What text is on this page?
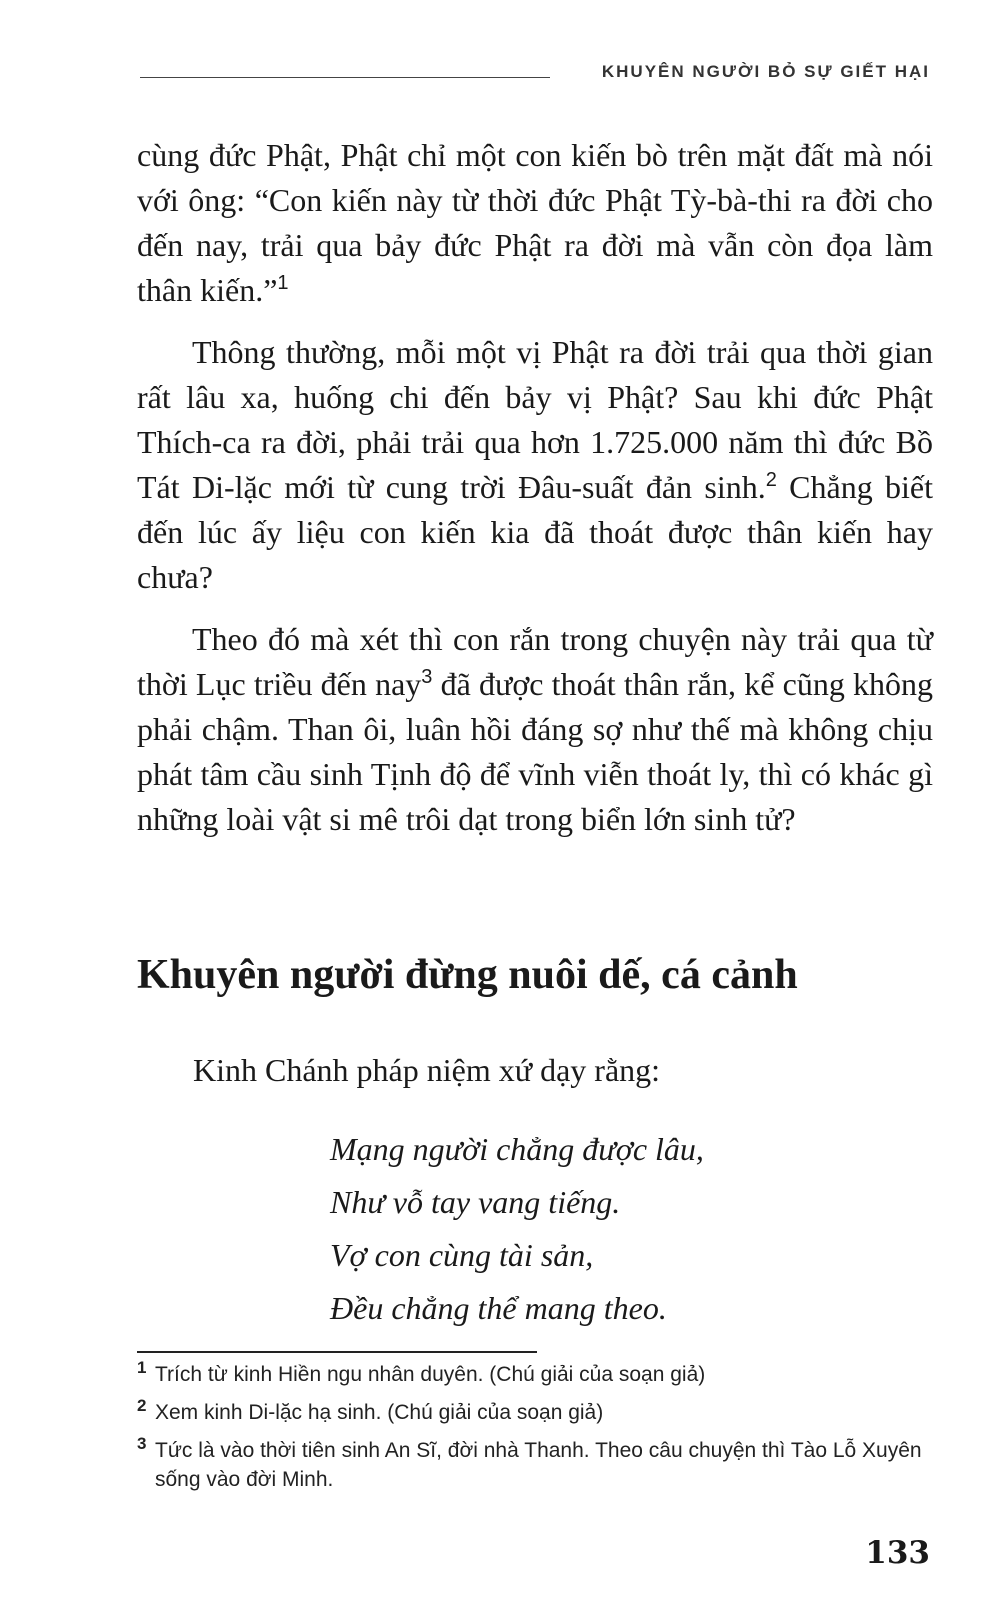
KHUYÊN NGƯỜI BỎ SỰ GIẾT HẠI

cùng đức Phật, Phật chỉ một con kiến bò trên mặt đất mà nói với ông: “Con kiến này từ thời đức Phật Tỳ-bà-thi ra đời cho đến nay, trải qua bảy đức Phật ra đời mà vẫn còn đọa làm thân kiến.”$^1$

Thông thường, mỗi một vị Phật ra đời trải qua thời gian rất lâu xa, huống chi đến bảy vị Phật? Sau khi đức Phật Thích-ca ra đời, phải trải qua hơn 1.725.000 năm thì đức Bồ Tát Di-lặc mới từ cung trời Đâu-suất đản sinh.$^2$ Chẳng biết đến lúc ấy liệu con kiến kia đã thoát được thân kiến hay chưa?

Theo đó mà xét thì con rắn trong chuyện này trải qua từ thời Lục triều đến nay$^3$ đã được thoát thân rắn, kể cũng không phải chậm. Than ôi, luân hồi đáng sợ như thế mà không chịu phát tâm cầu sinh Tịnh độ để vĩnh viễn thoát ly, thì có khác gì những loài vật si mê trôi dạt trong biển lớn sinh tử?

Khuyên người đừng nuôi dế, cá cảnh

Kinh Chánh pháp niệm xứ dạy rằng:

Mạng người chẳng được lâu,
Như vỗ tay vang tiếng.
Vợ con cùng tài sản,
Đều chẳng thể mang theo.
1 Trích từ kinh Hiền ngu nhân duyên. (Chú giải của soạn giả)
2 Xem kinh Di-lặc hạ sinh. (Chú giải của soạn giả)
3 Tức là vào thời tiên sinh An Sĩ, đời nhà Thanh. Theo câu chuyện thì Tào Lỗ Xuyên sống vào đời Minh.
133
